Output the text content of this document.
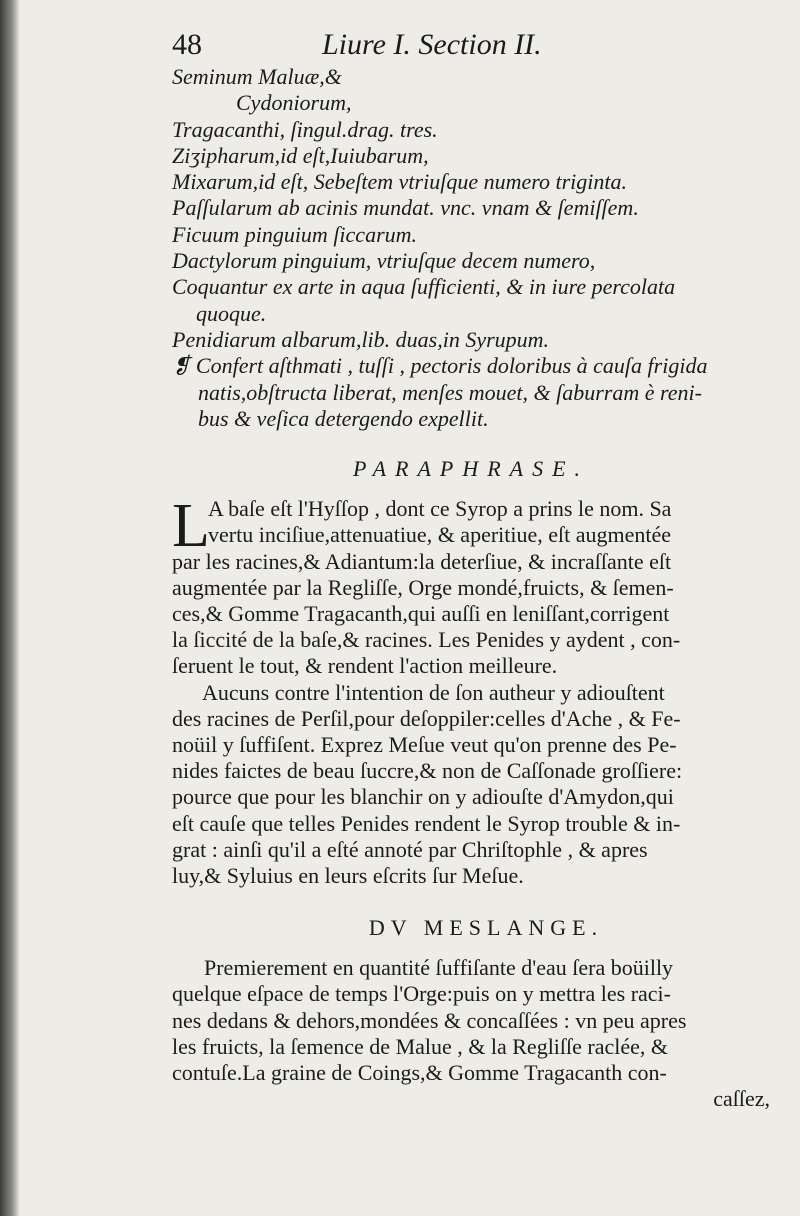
48	Liure I. Section II.
Seminum Maluæ,&
Cydoniorum,
Tragacanthi, ſingul.drag. tres.
Ziʒipharum,id eſt,Iuiubarum,
Mixarum,id eſt, Sebeſtem vtriuſque numero triginta.
Paſſularum ab acinis mundat. vnc. vnam & ſemiſſem.
Ficuum pinguium ſiccarum.
Dactylorum pinguium, vtriuſque decem numero,
Coquantur ex arte in aqua ſufficienti, & in iure percolata
quoque.
Penidiarum albarum,lib. duas,in Syrupum.
❡ Confert aſthmati , tuſſi , pectoris doloribus à cauſa frigida
natis,obſtructa liberat, menſes mouet, & ſaburram è reni-
bus & veſica detergendo expellit.
PARAPHRASE.
L
A baſe eſt l'Hyſſop , dont ce Syrop a prins le nom. Sa
vertu inciſiue,attenuatiue, & aperitiue, eſt augmentée
par les racines,& Adiantum:la deterſiue, & incraſſante eſt
augmentée par la Regliſſe, Orge mondé,fruicts, & ſemen-
ces,& Gomme Tragacanth,qui auſſi en leniſſant,corrigent
la ſiccité de la baſe,& racines. Les Penides y aydent , con-
ſeruent le tout, & rendent l'action meilleure.
Aucuns contre l'intention de ſon autheur y adiouſtent
des racines de Perſil,pour deſoppiler:celles d'Ache , & Fe-
noüil y ſuffiſent. Exprez Meſue veut qu'on prenne des Pe-
nides faictes de beau ſuccre,& non de Caſſonade groſſiere:
pource que pour les blanchir on y adiouſte d'Amydon,qui
eſt cauſe que telles Penides rendent le Syrop trouble & in-
grat : ainſi qu'il a eſté annoté par Chriſtophle , & apres
luy,& Syluius en leurs eſcrits ſur Meſue.
DV MESLANGE.
Premierement en quantité ſuffiſante d'eau ſera boüilly
quelque eſpace de temps l'Orge:puis on y mettra les raci-
nes dedans & dehors,mondées & concaſſées : vn peu apres
les fruicts, la ſemence de Malue , & la Regliſſe raclée, &
contuſe.La graine de Coings,& Gomme Tragacanth con-
caſſez,
